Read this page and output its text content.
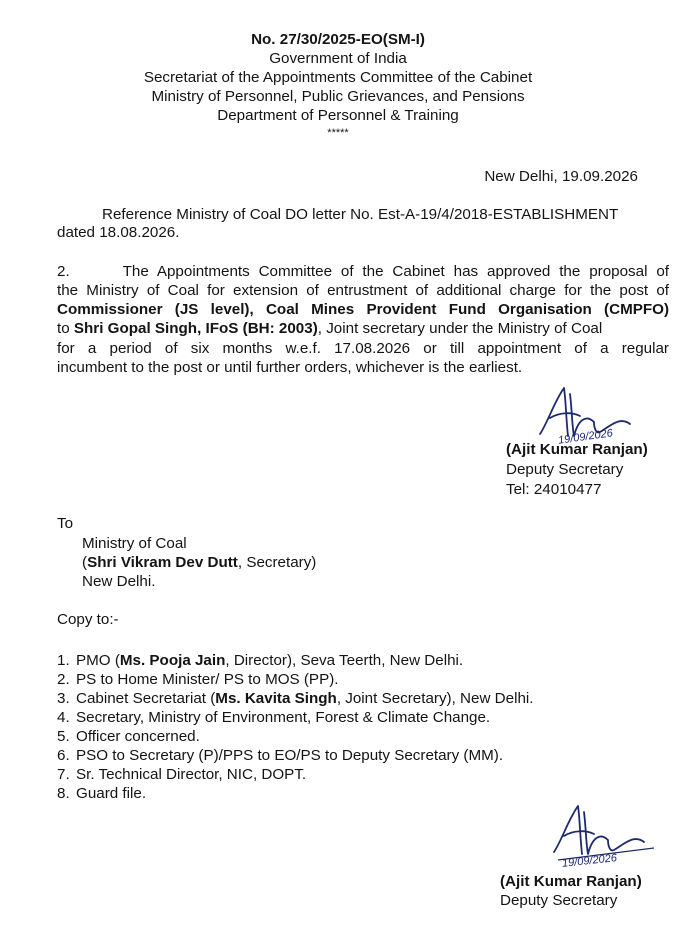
No. 27/30/2025-EO(SM-I)
Government of India
Secretariat of the Appointments Committee of the Cabinet
Ministry of Personnel, Public Grievances, and Pensions
Department of Personnel & Training
*****
New Delhi, 19.09.2026
Reference Ministry of Coal DO letter No. Est-A-19/4/2018-ESTABLISHMENT
dated 18.08.2026.
2.      The Appointments Committee of the Cabinet has approved the proposal of
the Ministry of Coal for extension of entrustment of additional charge for the post of
Commissioner (JS level), Coal Mines Provident Fund Organisation (CMPFO)
to Shri Gopal Singh, IFoS (BH: 2003), Joint secretary under the Ministry of Coal
for a period of six months w.e.f. 17.08.2026 or till appointment of a regular
incumbent to the post or until further orders, whichever is the earliest.
19/09/2026
(Ajit Kumar Ranjan)
Deputy Secretary
Tel: 24010477
To
Ministry of Coal
(Shri Vikram Dev Dutt, Secretary)
New Delhi.
Copy to:-
1. PMO (Ms. Pooja Jain, Director), Seva Teerth, New Delhi.
2. PS to Home Minister/ PS to MOS (PP).
3. Cabinet Secretariat (Ms. Kavita Singh, Joint Secretary), New Delhi.
4. Secretary, Ministry of Environment, Forest & Climate Change.
5. Officer concerned.
6. PSO to Secretary (P)/PPS to EO/PS to Deputy Secretary (MM).
7. Sr. Technical Director, NIC, DOPT.
8. Guard file.
19/09/2026
(Ajit Kumar Ranjan)
Deputy Secretary
